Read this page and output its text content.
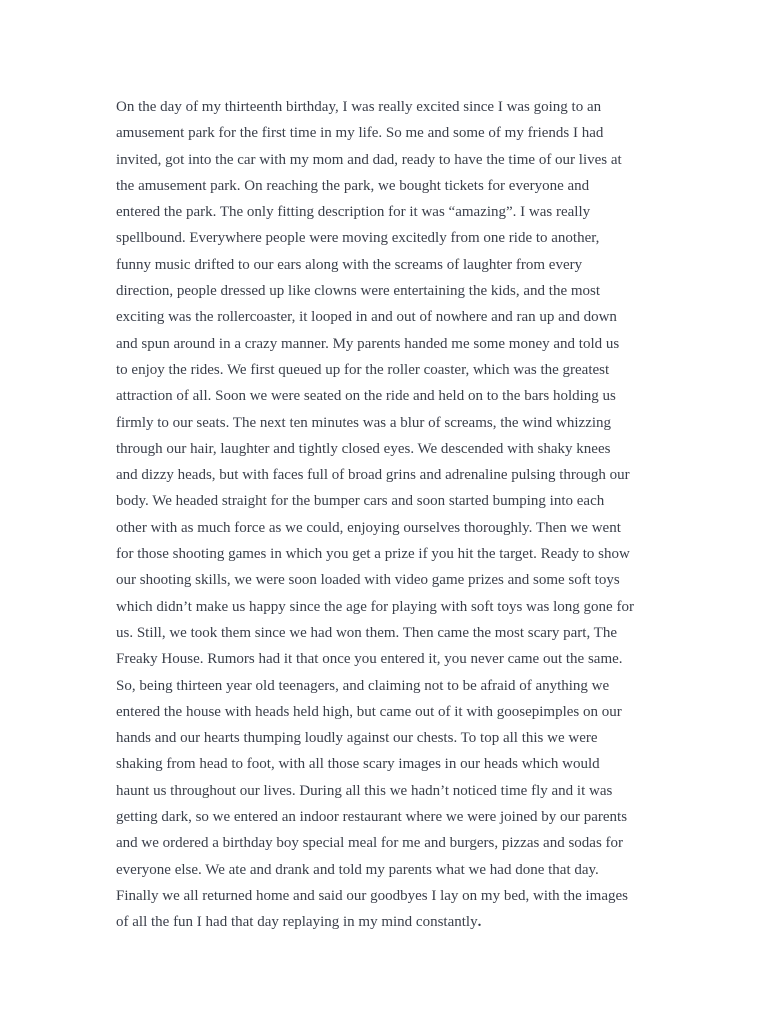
On the day of my thirteenth birthday, I was really excited since I was going to an
amusement park for the first time in my life. So me and some of my friends I had
invited, got into the car with my mom and dad, ready to have the time of our lives at
the amusement park. On reaching the park, we bought tickets for everyone and
entered the park. The only fitting description for it was “amazing”. I was really
spellbound. Everywhere people were moving excitedly from one ride to another,
funny music drifted to our ears along with the screams of laughter from every
direction, people dressed up like clowns were entertaining the kids, and the most
exciting was the rollercoaster, it looped in and out of nowhere and ran up and down
and spun around in a crazy manner. My parents handed me some money and told us
to enjoy the rides. We first queued up for the roller coaster, which was the greatest
attraction of all. Soon we were seated on the ride and held on to the bars holding us
firmly to our seats. The next ten minutes was a blur of screams, the wind whizzing
through our hair, laughter and tightly closed eyes. We descended with shaky knees
and dizzy heads, but with faces full of broad grins and adrenaline pulsing through our
body. We headed straight for the bumper cars and soon started bumping into each
other with as much force as we could, enjoying ourselves thoroughly. Then we went
for those shooting games in which you get a prize if you hit the target. Ready to show
our shooting skills, we were soon loaded with video game prizes and some soft toys
which didn’t make us happy since the age for playing with soft toys was long gone for
us. Still, we took them since we had won them. Then came the most scary part, The
Freaky House. Rumors had it that once you entered it, you never came out the same.
So, being thirteen year old teenagers, and claiming not to be afraid of anything we
entered the house with heads held high, but came out of it with goosepimples on our
hands and our hearts thumping loudly against our chests. To top all this we were
shaking from head to foot, with all those scary images in our heads which would
haunt us throughout our lives. During all this we hadn’t noticed time fly and it was
getting dark, so we entered an indoor restaurant where we were joined by our parents
and we ordered a birthday boy special meal for me and burgers, pizzas and sodas for
everyone else. We ate and drank and told my parents what we had done that day.
Finally we all returned home and said our goodbyes I lay on my bed, with the images
of all the fun I had that day replaying in my mind constantly.
